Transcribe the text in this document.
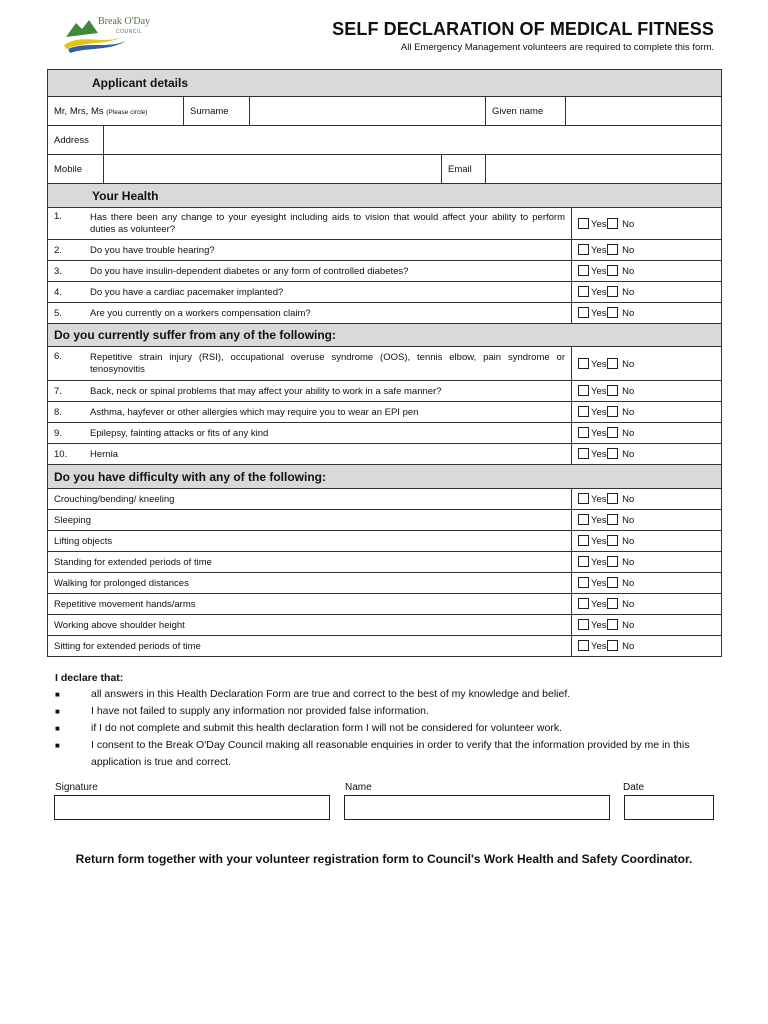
Break O'Day
COUNCIL	SELF DECLARATION OF MEDICAL FITNESS
All Emergency Management volunteers are required to complete this form.
Applicant details							
Mr, Mrs, Ms (Please circle)		Surname			Given name		
Address							
Mobile				Email			
Your Health							

1. Has there been any change to your eyesight including aids to vision that would affect your ability to perform duties as volunteer?							Yes No
2. Do you have trouble hearing?							Yes No
3. Do you have insulin-dependent diabetes or any form of controlled diabetes?							Yes No
4. Do you have a cardiac pacemaker implanted?							Yes No
5. Are you currently on a workers compensation claim?							Yes No
Do you currently suffer from any of the following:							

6. Repetitive strain injury (RSI), occupational overuse syndrome (OOS), tennis elbow, pain syndrome or tenosynovitis							Yes No
7. Back, neck or spinal problems that may affect your ability to work in a safe manner?							Yes No
8. Asthma, hayfever or other allergies which may require you to wear an EPI pen							Yes No
9. Epilepsy, fainting attacks or fits of any kind							Yes No
10. Hernia							Yes No
Do you have difficulty with any of the following:							
Crouching/bending/ kneeling							Yes No
Sleeping							Yes No
Lifting objects							Yes No
Standing for extended periods of time							Yes No
Walking for prolonged distances							Yes No
Repetitive movement hands/arms							Yes No
Working above shoulder height							Yes No
Sitting for extended periods of time							Yes No
I declare that:
■	all answers in this Health Declaration Form are true and correct to the best of my knowledge and belief.
■	I have not failed to supply any information nor provided false information.
■	if I do not complete and submit this health declaration form I will not be considered for volunteer work.
■	I consent to the Break O'Day Council making all reasonable enquiries in order to verify that the information provided by me in this application is true and correct.
Signature	Name	Date
Return form together with your volunteer registration form to Council's Work Health and Safety Coordinator.
